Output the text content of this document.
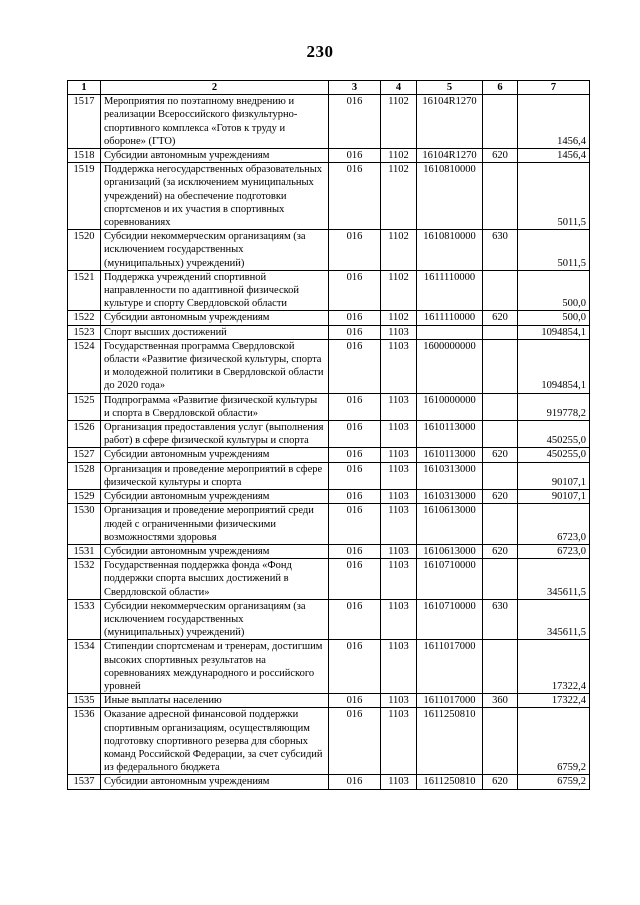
230
1	2	3	4	5	6	7
1517	Мероприятия по поэтапному внедрению и реализации Всероссийского физкультурно-спортивного комплекса «Готов к труду и обороне» (ГТО)	016	1102	16104R1270		1456,4
1518	Субсидии автономным учреждениям	016	1102	16104R1270	620	1456,4
1519	Поддержка негосударственных образовательных организаций (за исключением муниципальных учреждений) на обеспечение подготовки спортсменов и их участия в спортивных соревнованиях	016	1102	1610810000		5011,5
1520	Субсидии некоммерческим организациям (за исключением государственных (муниципальных) учреждений)	016	1102	1610810000	630	5011,5
1521	Поддержка учреждений спортивной направленности по адаптивной физической культуре и спорту Свердловской области	016	1102	1611110000		500,0
1522	Субсидии автономным учреждениям	016	1102	1611110000	620	500,0
1523	Спорт высших достижений	016	1103			1094854,1
1524	Государственная программа Свердловской области «Развитие физической культуры, спорта и молодежной политики в Свердловской области до 2020 года»	016	1103	1600000000		1094854,1
1525	Подпрограмма «Развитие физической культуры и спорта в Свердловской области»	016	1103	1610000000		919778,2
1526	Организация предоставления услуг (выполнения работ) в сфере физической культуры и спорта	016	1103	1610113000		450255,0
1527	Субсидии автономным учреждениям	016	1103	1610113000	620	450255,0
1528	Организация и проведение мероприятий в сфере физической культуры и спорта	016	1103	1610313000		90107,1
1529	Субсидии автономным учреждениям	016	1103	1610313000	620	90107,1
1530	Организация и проведение мероприятий среди людей с ограниченными физическими возможностями здоровья	016	1103	1610613000		6723,0
1531	Субсидии автономным учреждениям	016	1103	1610613000	620	6723,0
1532	Государственная поддержка фонда «Фонд поддержки спорта высших достижений в Свердловской области»	016	1103	1610710000		345611,5
1533	Субсидии некоммерческим организациям (за исключением государственных (муниципальных) учреждений)	016	1103	1610710000	630	345611,5
1534	Стипендии спортсменам и тренерам, достигшим высоких спортивных результатов на соревнованиях международного и российского уровней	016	1103	1611017000		17322,4
1535	Иные выплаты населению	016	1103	1611017000	360	17322,4
1536	Оказание адресной финансовой поддержки спортивным организациям, осуществляющим подготовку спортивного резерва для сборных команд Российской Федерации, за счет субсидий из федерального бюджета	016	1103	1611250810		6759,2
1537	Субсидии автономным учреждениям	016	1103	1611250810	620	6759,2
